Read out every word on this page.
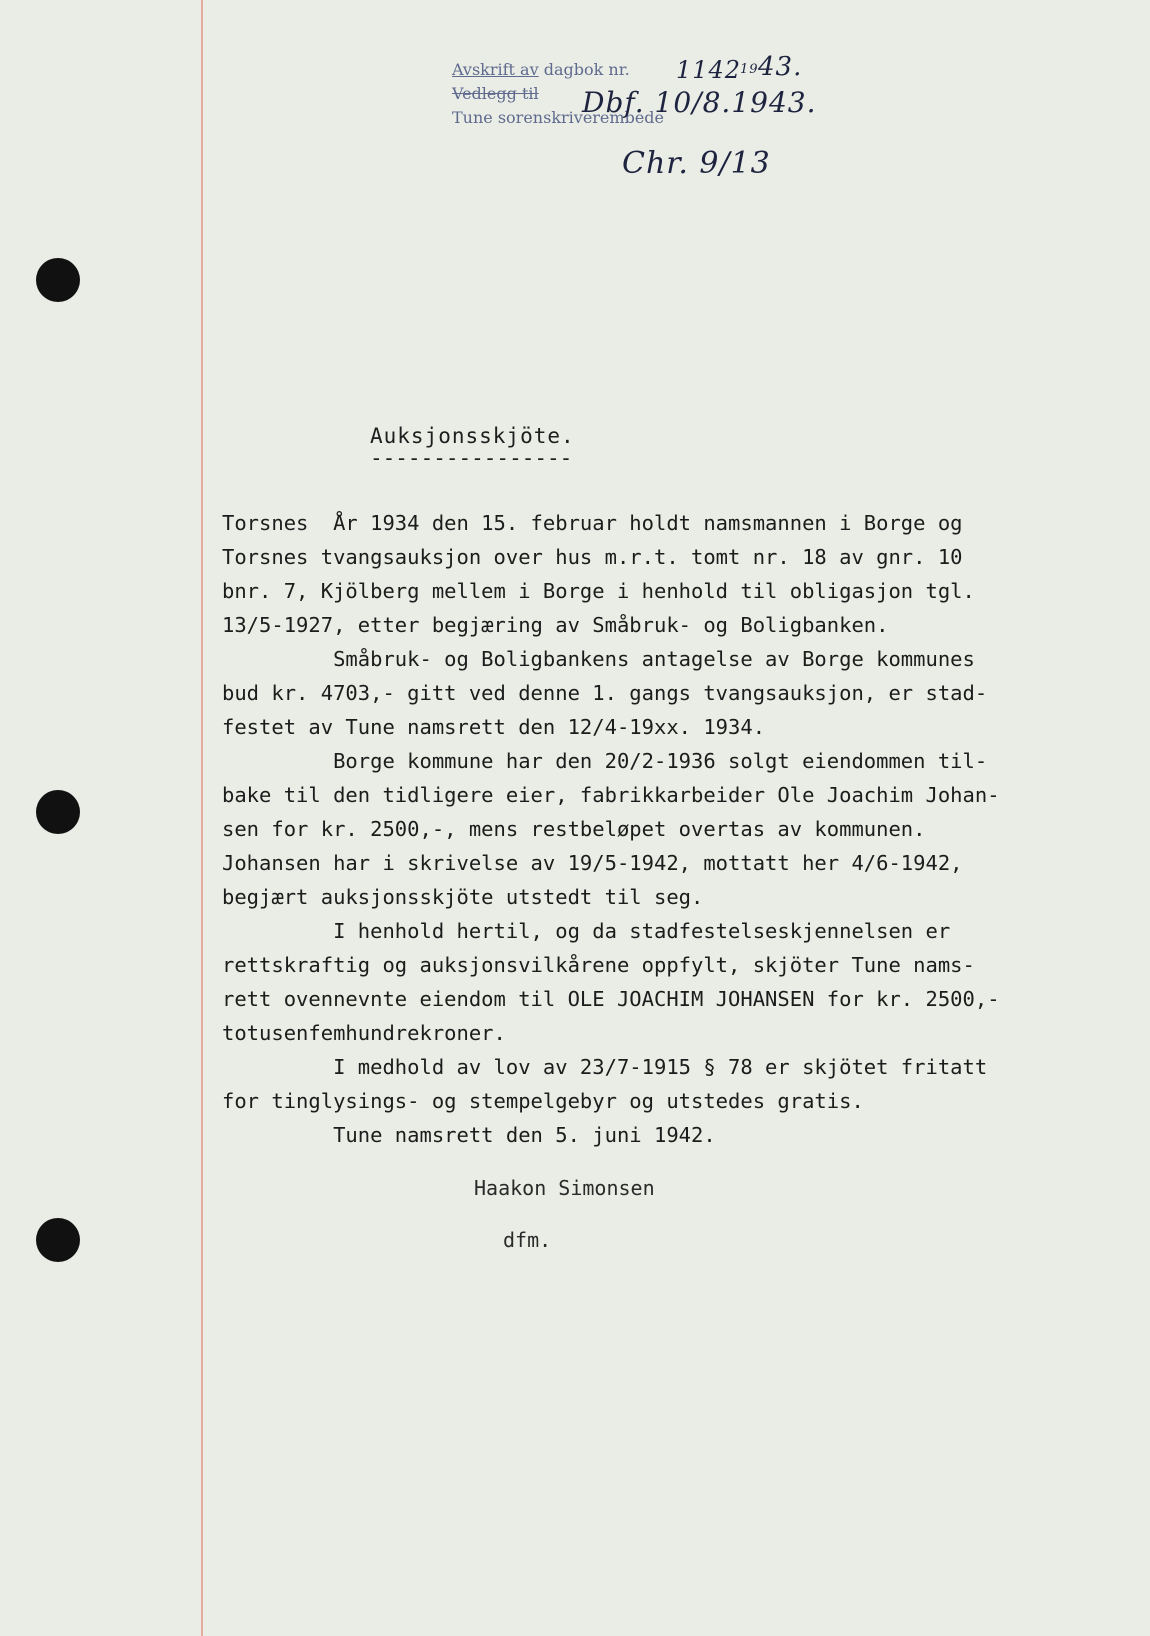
Avskrift av dagbok nr.
Vedlegg til
Tune sorenskriverembede
1142
19 43.
Dbf. 10/8.1943.
Chr. 9/13
Auksjonsskjöte.
----------------
Torsnes  År 1934 den 15. februar holdt namsmannen i Borge og
Torsnes tvangsauksjon over hus m.r.t. tomt nr. 18 av gnr. 10
bnr. 7, Kjölberg mellem i Borge i henhold til obligasjon tgl.
13/5-1927, etter begjæring av Småbruk- og Boligbanken.
Småbruk- og Boligbankens antagelse av Borge kommunes
bud kr. 4703,- gitt ved denne 1. gangs tvangsauksjon, er stad-
festet av Tune namsrett den 12/4-19xx. 1934.
Borge kommune har den 20/2-1936 solgt eiendommen til-
bake til den tidligere eier, fabrikkarbeider Ole Joachim Johan-
sen for kr. 2500,-, mens restbeløpet overtas av kommunen.
Johansen har i skrivelse av 19/5-1942, mottatt her 4/6-1942,
begjært auksjonsskjöte utstedt til seg.
I henhold hertil, og da stadfestelseskjennelsen er
rettskraftig og auksjonsvilkårene oppfylt, skjöter Tune nams-
rett ovennevnte eiendom til OLE JOACHIM JOHANSEN for kr. 2500,-
totusenfemhundrekroner.
I medhold av lov av 23/7-1915 § 78 er skjötet fritatt
for tinglysings- og stempelgebyr og utstedes gratis.
Tune namsrett den 5. juni 1942.
Haakon Simonsen
dfm.
